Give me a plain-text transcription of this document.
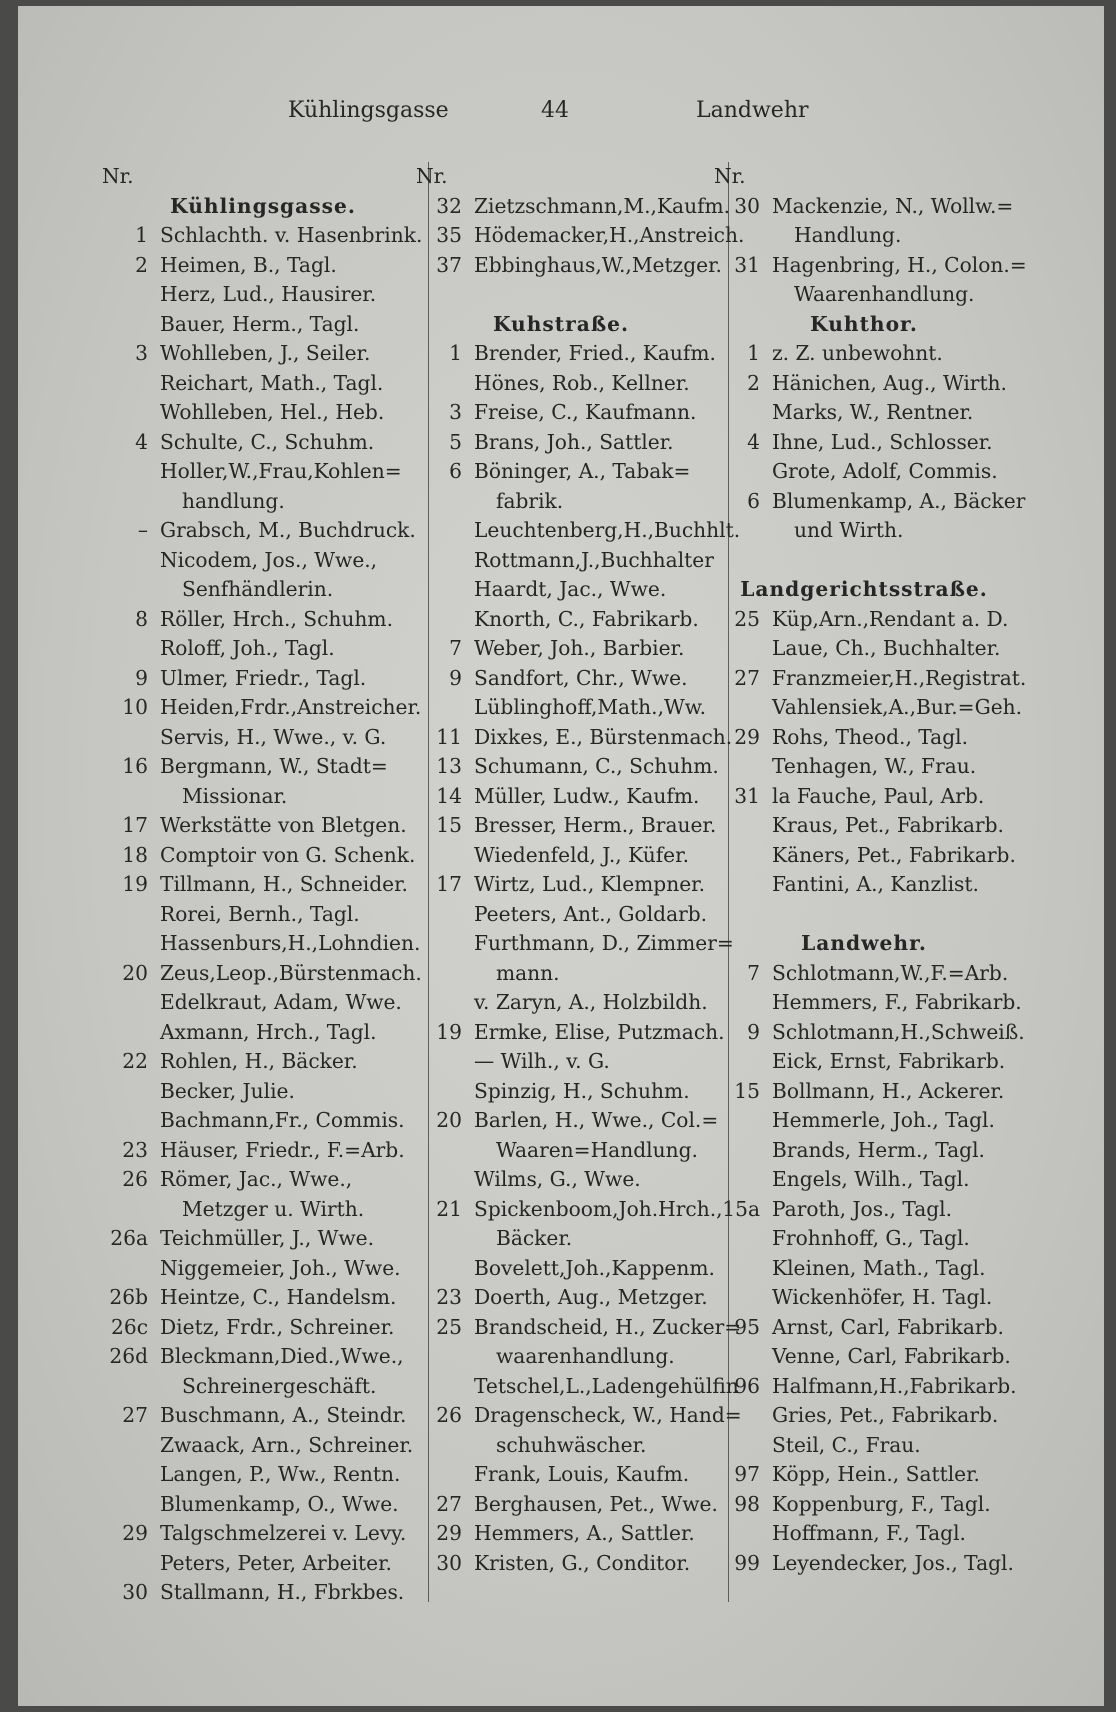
Kühlingsgasse	44	Landwehr
Nr.
Kühlingsgasse.
1 Schlachth. v. Hasenbrink.
2 Heimen, B., Tagl.
Herz, Lud., Hausirer.
Bauer, Herm., Tagl.
3 Wohlleben, J., Seiler.
Reichart, Math., Tagl.
Wohlleben, Hel., Heb.
4 Schulte, C., Schuhm.
Holler,W.,Frau,Kohlen=
handlung.
– Grabsch, M., Buchdruck.
Nicodem, Jos., Wwe.,
Senfhändlerin.
8 Röller, Hrch., Schuhm.
Roloff, Joh., Tagl.
9 Ulmer, Friedr., Tagl.
10 Heiden,Frdr.,Anstreicher.
Servis, H., Wwe., v. G.
16 Bergmann, W., Stadt=
Missionar.
17 Werkstätte von Bletgen.
18 Comptoir von G. Schenk.
19 Tillmann, H., Schneider.
Rorei, Bernh., Tagl.
Hassenburs,H.,Lohndien.
20 Zeus,Leop.,Bürstenmach.
Edelkraut, Adam, Wwe.
Axmann, Hrch., Tagl.
22 Rohlen, H., Bäcker.
Becker, Julie.
Bachmann,Fr., Commis.
23 Häuser, Friedr., F.=Arb.
26 Römer, Jac., Wwe.,
Metzger u. Wirth.
26a Teichmüller, J., Wwe.
Niggemeier, Joh., Wwe.
26b Heintze, C., Handelsm.
26c Dietz, Frdr., Schreiner.
26d Bleckmann,Died.,Wwe.,
Schreinergeschäft.
27 Buschmann, A., Steindr.
Zwaack, Arn., Schreiner.
Langen, P., Ww., Rentn.
Blumenkamp, O., Wwe.
29 Talgschmelzerei v. Levy.
Peters, Peter, Arbeiter.
30 Stallmann, H., Fbrkbes.
Nr.
32 Zietzschmann,M.,Kaufm.
35 Hödemacker,H.,Anstreich.
37 Ebbinghaus,W.,Metzger.
Kuhstraße.
1 Brender, Fried., Kaufm.
Hönes, Rob., Kellner.
3 Freise, C., Kaufmann.
5 Brans, Joh., Sattler.
6 Böninger, A., Tabak=
fabrik.
Leuchtenberg,H.,Buchhlt.
Rottmann,J.,Buchhalter
Haardt, Jac., Wwe.
Knorth, C., Fabrikarb.
7 Weber, Joh., Barbier.
9 Sandfort, Chr., Wwe.
Lüblinghoff,Math.,Ww.
11 Dixkes, E., Bürstenmach.
13 Schumann, C., Schuhm.
14 Müller, Ludw., Kaufm.
15 Bresser, Herm., Brauer.
Wiedenfeld, J., Küfer.
17 Wirtz, Lud., Klempner.
Peeters, Ant., Goldarb.
Furthmann, D., Zimmer=
mann.
v. Zaryn, A., Holzbildh.
19 Ermke, Elise, Putzmach.
— Wilh., v. G.
Spinzig, H., Schuhm.
20 Barlen, H., Wwe., Col.=
Waaren=Handlung.
Wilms, G., Wwe.
21 Spickenboom,Joh.Hrch.,
Bäcker.
Bovelett,Joh.,Kappenm.
23 Doerth, Aug., Metzger.
25 Brandscheid, H., Zucker=
waarenhandlung.
Tetschel,L.,Ladengehülfin
26 Dragenscheck, W., Hand=
schuhwäscher.
Frank, Louis, Kaufm.
27 Berghausen, Pet., Wwe.
29 Hemmers, A., Sattler.
30 Kristen, G., Conditor.
Nr.
30 Mackenzie, N., Wollw.=
Handlung.
31 Hagenbring, H., Colon.=
Waarenhandlung.
Kuhthor.
1 z. Z. unbewohnt.
2 Hänichen, Aug., Wirth.
Marks, W., Rentner.
4 Ihne, Lud., Schlosser.
Grote, Adolf, Commis.
6 Blumenkamp, A., Bäcker
und Wirth.
Landgerichtsstraße.
25 Küp,Arn.,Rendant a. D.
Laue, Ch., Buchhalter.
27 Franzmeier,H.,Registrat.
Vahlensiek,A.,Bur.=Geh.
29 Rohs, Theod., Tagl.
Tenhagen, W., Frau.
31 la Fauche, Paul, Arb.
Kraus, Pet., Fabrikarb.
Käners, Pet., Fabrikarb.
Fantini, A., Kanzlist.
Landwehr.
7 Schlotmann,W.,F.=Arb.
Hemmers, F., Fabrikarb.
9 Schlotmann,H.,Schweiß.
Eick, Ernst, Fabrikarb.
15 Bollmann, H., Ackerer.
Hemmerle, Joh., Tagl.
Brands, Herm., Tagl.
Engels, Wilh., Tagl.
15a Paroth, Jos., Tagl.
Frohnhoff, G., Tagl.
Kleinen, Math., Tagl.
Wickenhöfer, H. Tagl.
95 Arnst, Carl, Fabrikarb.
Venne, Carl, Fabrikarb.
96 Halfmann,H.,Fabrikarb.
Gries, Pet., Fabrikarb.
Steil, C., Frau.
97 Köpp, Hein., Sattler.
98 Koppenburg, F., Tagl.
Hoffmann, F., Tagl.
99 Leyendecker, Jos., Tagl.
